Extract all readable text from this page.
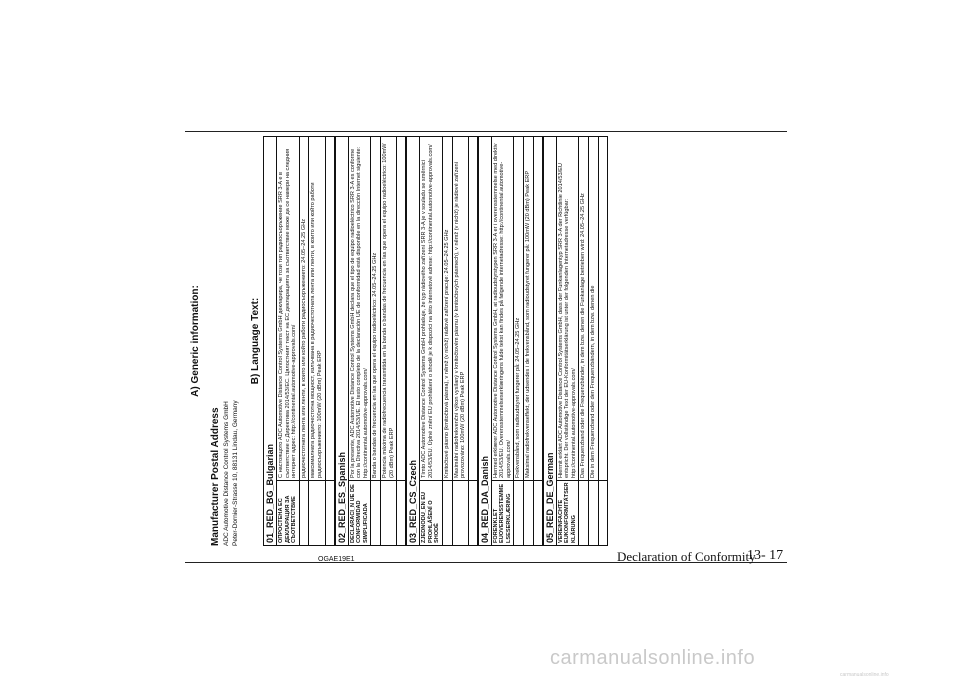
A) Generic information:

Manufacturer Postal Address ADC Automotive Distance Control Systems GmbH Peter-Dornier-Strasse 10, 88131 Lindau, Germany

B) Language Text:

01_RED_BG_Bulgarian ОПРОСТЕНА ЕС ДЕКЛАРАЦИЯ ЗА СЪОТВЕТСТВИЕ	С настоящото ADC Automotive Distance Control Systems GmbH декларира, че този тип радиосъоръжение SRR 3-A е в съответствие с Директива 2014/53/ЕС. Цялостният текст на ЕС декларацията за съответствие може да се намери на следния интернет адрес: http://continental.automotive-approvals.com/
	радиочестотната лента или ленти, в които или който работи радиосъоръжението: 24.05–24.25 GHz
	максималната радиочестотна мощност, излъчвана в радиочестотната лента или ленти, в които или който работи радиосъоръжението: 100mW (20 dBm) Peak ERP

02_RED_ES_Spanish DECLARACI_N UE DE CONFORMIDAD SIMPLIFICADA	Por la presente, ADC Automotive Distance Control Systems GmbH declara que el tipo de equipo radioeléctrico SRR 3-A es conforme con la Directiva 2014/53/UE. El texto completo de la declaración UE de conformidad está disponible en la dirección Internet siguiente: http://continental.automotive-approvals.com/
	Banda o bandas de frecuencia en las que opera el equipo radioeléctrico: 24.05–24.25 GHz
	Potencia máxima de radiofrecuencia transmitida en la banda o bandas de frecuencia en las que opera el equipo radioeléctrico: 100mW (20 dBm) Peak ERP

03_RED_CS_Czech ZJEDNODU_EN EU PROHLÁŠENÍ O SHODĚ	Tímto ADC Automotive Distance Control Systems GmbH prohlašuje, že typ rádiového zařízení SRR 3-A je v souladu se směrnicí 2014/53/EU. Úplné znění EU prohlášení o shodě je k dispozici na této internetové adrese: http://continental.automotive-approvals.com/
	Kmitočtové pásmo (kmitočtová pásma), v němž (v nichž) rádiové zařízení pracuje: 24.05–24.25 GHz
	Maximální radiofrekvenční výkon vysílaný v kmitočtovém pásmu (v kmitočtových pásmech), v němž (v nichž) je rádiové zařízení provozováno: 100mW (20 dBm) Peak ERP

04_RED_DA_Danish FORENKLET EUOVERENSSTEMME LSESERKLÆRING	Hermed erklærer ADC Automotive Distance Control Systems GmbH, at radioudstyrstypen SRR 3-A er i overensstemmelse med direktiv 2014/53/EU. Overensstemmelseserklæringens fulde tekst kan findes på følgende internetadresse: http://continental.automotive-approvals.com/
	Frekvensbånd, som radioudstyret fungerer på: 24.05–24.25 GHz
	Maksimal radiofrekvenseffekt, der udsendes i de frekvensbånd, som radioudstyret fungerer på: 100mW (20 dBm) Peak ERP

05_RED_DE_German VEREINFACHTE EUKONFORMITÄTSER KLÄRUNG	Hiermit erklärt ADC Automotive Distance Control Systems GmbH, dass der Funkanlagentyp SRR 3-A der Richtlinie 2014/53/EU entspricht. Der vollständige Text der EU-Konformitätserklärung ist unter der folgenden Internetadresse verfügbar: http://continental.automotive-approvals.com/
	Das Frequenzband oder die Frequenzbänder, in dem bzw. denen die Funkanlage betrieben wird: 24.05–24.25 GHz
	Die in dem Frequenzband oder den Frequenzbändern, in dem bzw. denen die

OGAE19E1	Declaration of Conformity
13- 17
carmanualsonline.info
carmanualsonline.info
